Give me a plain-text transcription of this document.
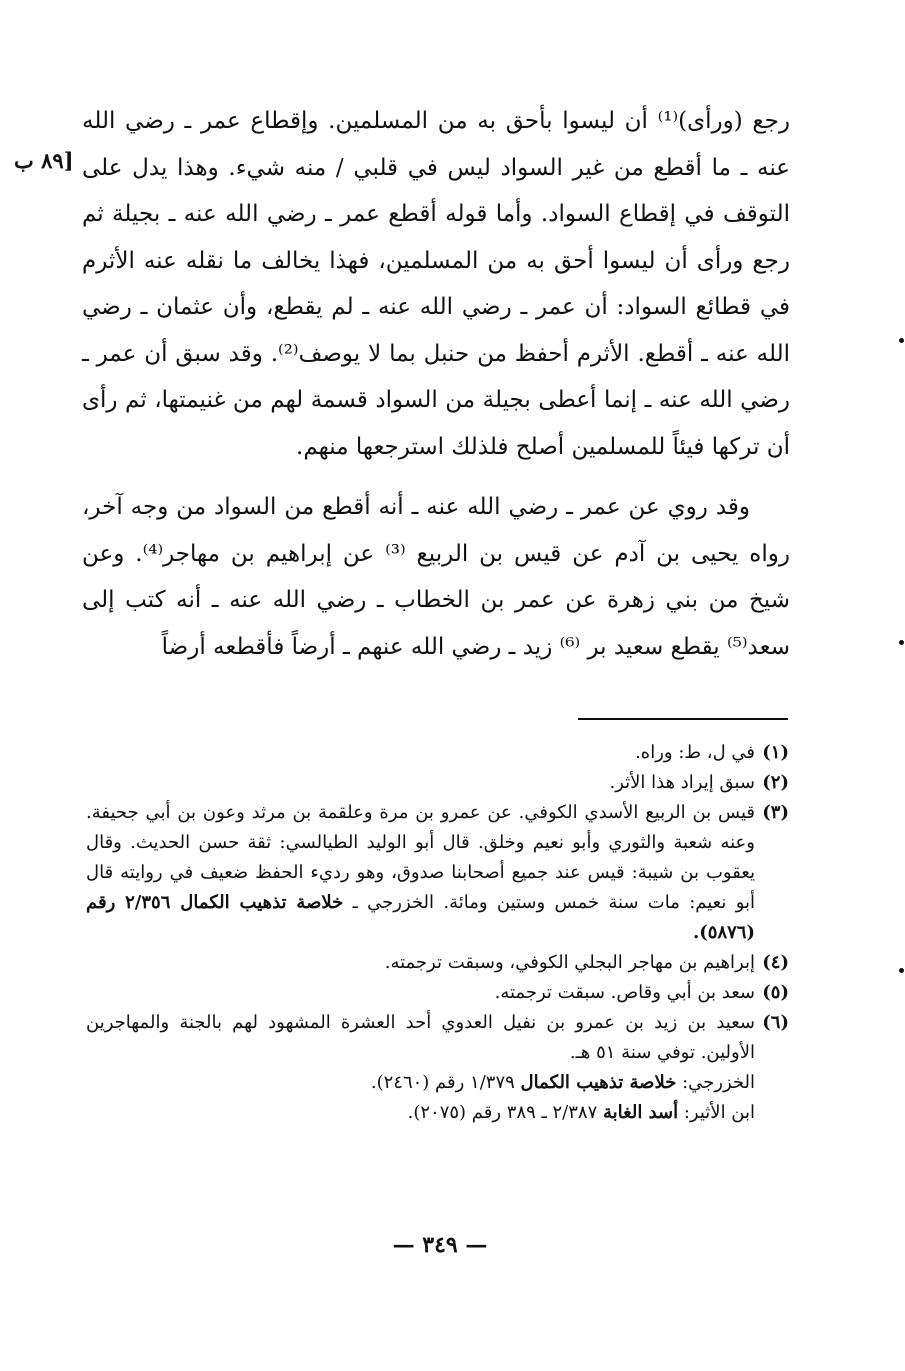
[٨٩ ب

رجع (ورأى)⁽¹⁾ أن ليسوا بأحق به من المسلمين. وإقطاع عمر ـ رضي الله عنه ـ ما أقطع من غير السواد ليس في قلبي / منه شيء. وهذا يدل على التوقف في إقطاع السواد. وأما قوله أقطع عمر ـ رضي الله عنه ـ بجيلة ثم رجع ورأى أن ليسوا أحق به من المسلمين، فهذا يخالف ما نقله عنه الأثرم في قطائع السواد: أن عمر ـ رضي الله عنه ـ لم يقطع، وأن عثمان ـ رضي الله عنه ـ أقطع. الأثرم أحفظ من حنبل بما لا يوصف⁽²⁾. وقد سبق أن عمر ـ رضي الله عنه ـ إنما أعطى بجيلة من السواد قسمة لهم من غنيمتها، ثم رأى أن تركها فيئاً للمسلمين أصلح فلذلك استرجعها منهم.

وقد روي عن عمر ـ رضي الله عنه ـ أنه أقطع من السواد من وجه آخر، رواه يحيى بن آدم عن قيس بن الربيع ⁽³⁾ عن إبراهيم بن مهاجر⁽⁴⁾. وعن شيخ من بني زهرة عن عمر بن الخطاب ـ رضي الله عنه ـ أنه كتب إلى سعد⁽⁵⁾ يقطع سعيد بر ⁽⁶⁾ زيد ـ رضي الله عنهم ـ أرضاً فأقطعه أرضاً

(١)
في ل، ط: وراه.
(٢)
سبق إيراد هذا الأثر.
(٣)
قيس بن الربيع الأسدي الكوفي. عن عمرو بن مرة وعلقمة بن مرثد وعون بن أبي جحيفة. وعنه شعبة والثوري وأبو نعيم وخلق. قال أبو الوليد الطيالسي: ثقة حسن الحديث. وقال يعقوب بن شيبة: قيس عند جميع أصحابنا صدوق، وهو رديء الحفظ ضعيف في روايته قال أبو نعيم: مات سنة خمس وستين ومائة. الخزرجي ـ خلاصة تذهيب الكمال ٢/٣٥٦ رقم (٥٨٧٦).
(٤)
إبراهيم بن مهاجر البجلي الكوفي، وسبقت ترجمته.
(٥)
سعد بن أبي وقاص. سبقت ترجمته.
(٦)
سعيد بن زيد بن عمرو بن نفيل العدوي أحد العشرة المشهود لهم بالجنة والمهاجرين الأولين. توفي سنة ٥١ هـ.
الخزرجي: خلاصة تذهيب الكمال ١/٣٧٩ رقم (٢٤٦٠).
ابن الأثير: أسد الغابة ٢/٣٨٧ ـ ٣٨٩ رقم (٢٠٧٥).
— ٣٤٩ —
